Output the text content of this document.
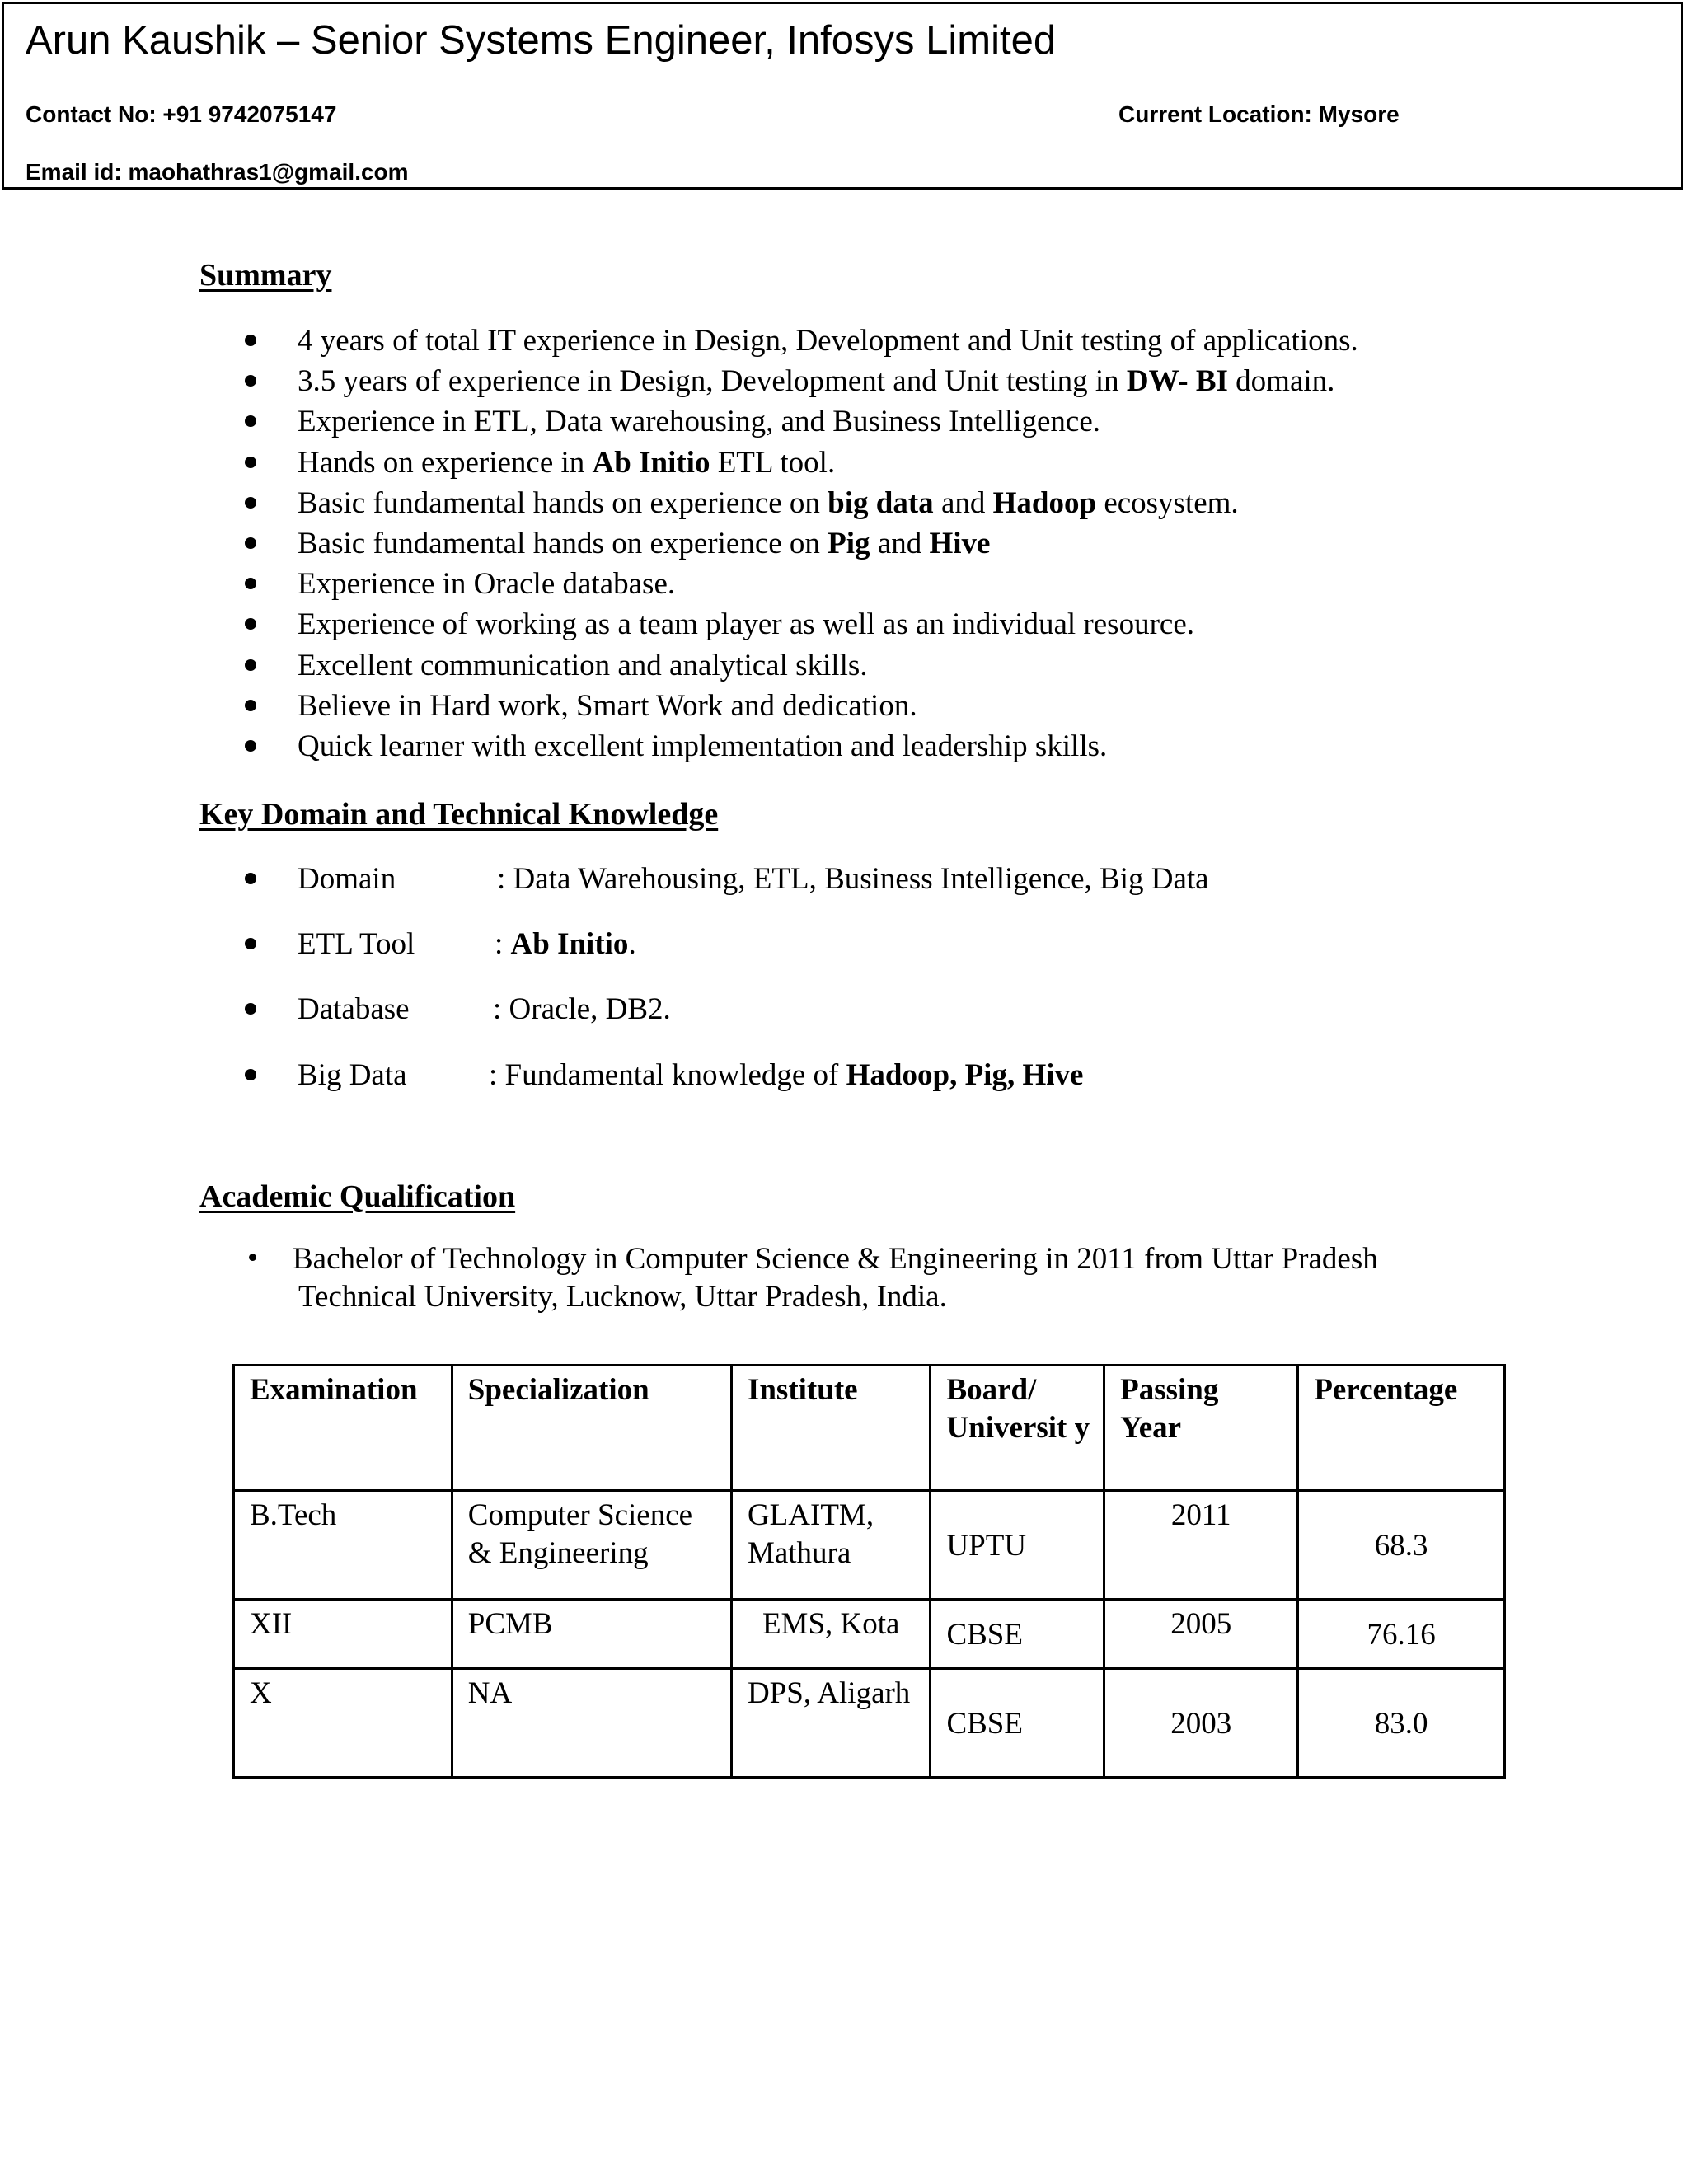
Arun Kaushik – Senior Systems Engineer, Infosys Limited
Contact No: +91 9742075147	Current Location: Mysore
Email id: maohathras1@gmail.com
Summary
4 years of total IT experience in Design, Development and Unit testing of applications.
3.5 years of experience in Design, Development and Unit testing in DW- BI domain.
Experience in ETL, Data warehousing, and Business Intelligence.
Hands on experience in Ab Initio ETL tool.
Basic fundamental hands on experience on big data and Hadoop ecosystem.
Basic fundamental hands on experience on Pig and Hive
Experience in Oracle database.
Experience of working as a team player as well as an individual resource.
Excellent communication and analytical skills.
Believe in Hard work, Smart Work and dedication.
Quick learner with excellent implementation and leadership skills.
Key Domain and Technical Knowledge
Domain	: Data Warehousing, ETL, Business Intelligence, Big Data
ETL Tool	: Ab Initio.
Database	: Oracle, DB2.
Big Data	: Fundamental knowledge of Hadoop, Pig, Hive
Academic Qualification
• Bachelor of Technology in Computer Science & Engineering in 2011 from Uttar Pradesh
Technical University, Lucknow, Uttar Pradesh, India.
Examination	Specialization	Institute	Board/ Universit y	Passing Year	Percentage
B.Tech	Computer Science & Engineering	GLAITM, Mathura	UPTU	2011	68.3
XII	PCMB	EMS, Kota	CBSE	2005	76.16
X	NA	DPS, Aligarh	CBSE	2003	83.0
